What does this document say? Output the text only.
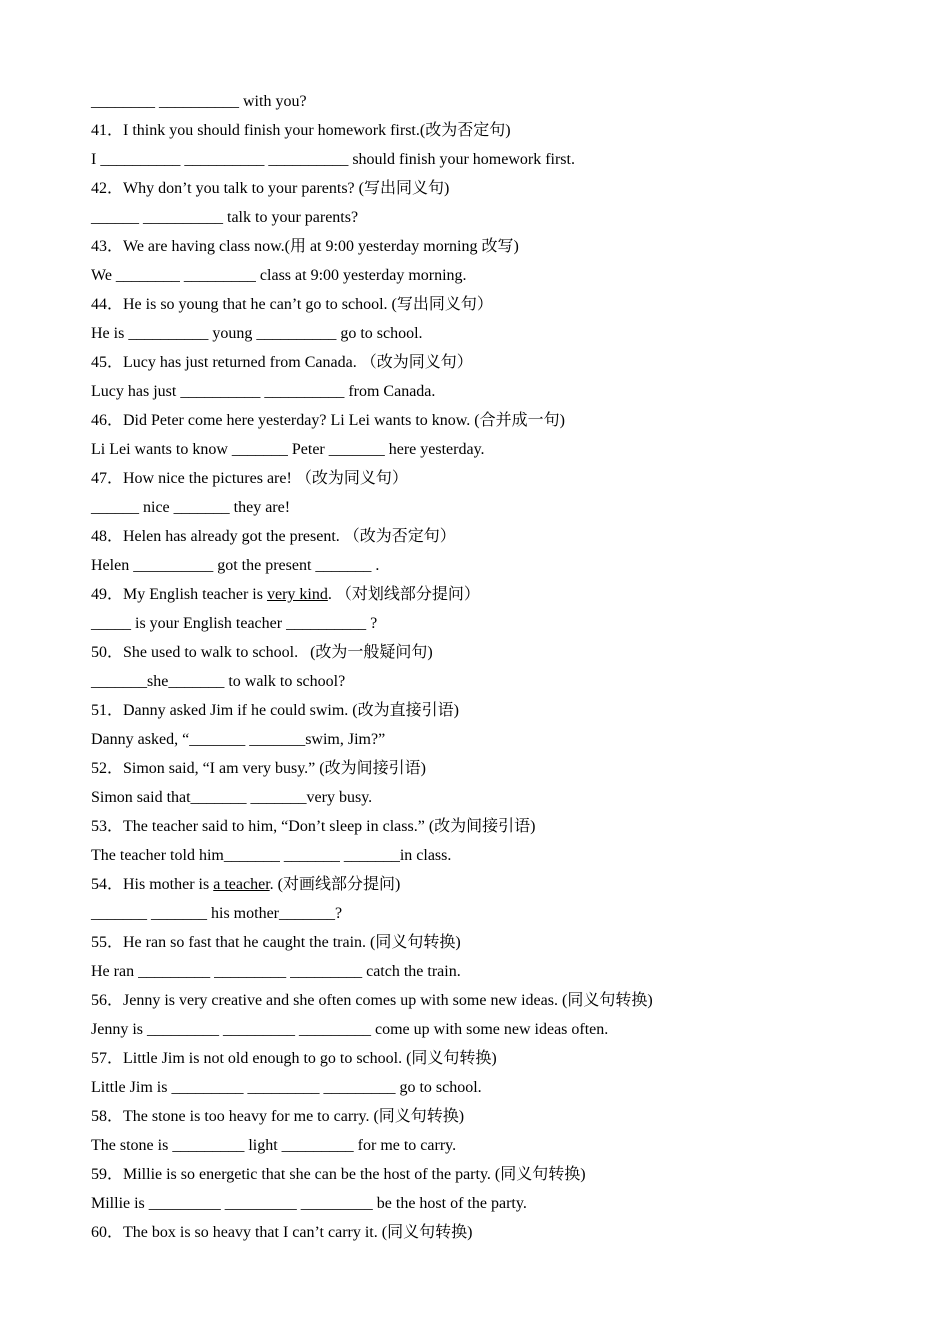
________ __________ with you?
41．I think you should finish your homework first.(改为否定句)
I __________ __________ __________ should finish your homework first.
42．Why don’t you talk to your parents? (写出同义句)
______ __________ talk to your parents?
43．We are having class now.(用 at 9:00 yesterday morning 改写)
We ________ _________ class at 9:00 yesterday morning.
44．He is so young that he can’t go to school. (写出同义句）
He is __________ young __________ go to school.
45．Lucy has just returned from Canada. （改为同义句）
Lucy has just __________ __________ from Canada.
46．Did Peter come here yesterday? Li Lei wants to know. (合并成一句)
Li Lei wants to know _______ Peter _______ here yesterday.
47．How nice the pictures are! （改为同义句）
______ nice _______ they are!
48．Helen has already got the present. （改为否定句）
Helen __________ got the present _______ .
49．My English teacher is very kind. （对划线部分提问）
_____ is your English teacher __________ ?
50．She used to walk to school.   (改为一般疑问句)
_______she_______ to walk to school?
51．Danny asked Jim if he could swim. (改为直接引语)
Danny asked, “_______ _______swim, Jim?”
52．Simon said, “I am very busy.” (改为间接引语)
Simon said that_______ _______very busy.
53．The teacher said to him, “Don’t sleep in class.” (改为间接引语)
The teacher told him_______ _______ _______in class.
54．His mother is a teacher. (对画线部分提问)
_______ _______ his mother_______?
55．He ran so fast that he caught the train. (同义句转换)
He ran _________ _________ _________ catch the train.
56．Jenny is very creative and she often comes up with some new ideas. (同义句转换)
Jenny is _________ _________ _________ come up with some new ideas often.
57．Little Jim is not old enough to go to school. (同义句转换)
Little Jim is _________ _________ _________ go to school.
58．The stone is too heavy for me to carry. (同义句转换)
The stone is _________ light _________ for me to carry.
59．Millie is so energetic that she can be the host of the party. (同义句转换)
Millie is _________ _________ _________ be the host of the party.
60．The box is so heavy that I can’t carry it. (同义句转换)
